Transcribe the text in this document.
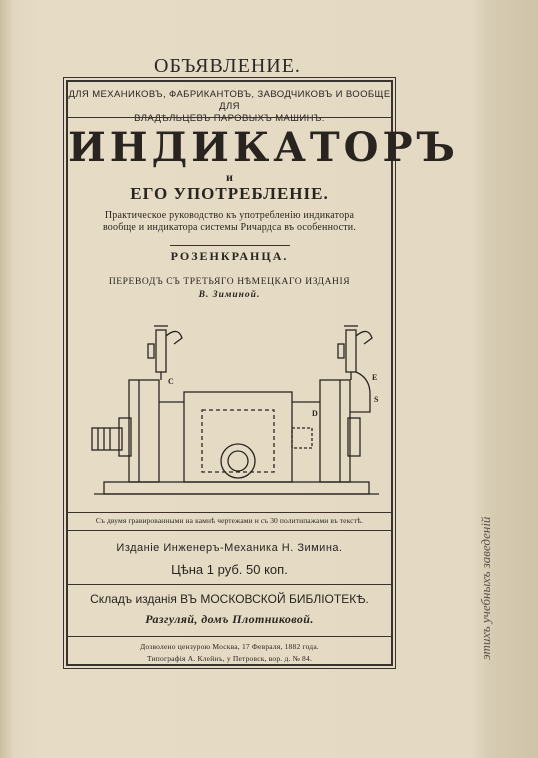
ОБЪЯВЛЕНИЕ.
ДЛЯ МЕХАНИКОВЪ, ФАБРИКАНТОВЪ, ЗАВОДЧИКОВЪ И ВООБЩЕ ДЛЯ
ВЛАДѢЛЬЦЕВЪ ПАРОВЫХЪ МАШИНЪ.
ИНДИКАТОРЪ
и
ЕГО УПОТРЕБЛЕНІЕ.
Практическое руководство къ употребленію индикатора
вообще и индикатора системы Ричардса въ особенности.
РОЗЕНКРАНЦА.
ПЕРЕВОДЪ СЪ ТРЕТЬЯГО НѢМЕЦКАГО ИЗДАНІЯ
В. Зиминой.
C	E
S
D
Съ двумя гравированными на камнѣ чертежами и съ 30 политипажами въ текстѣ.
Изданіе Инженеръ-Механика Н. Зимина.
Цѣна 1 руб. 50 коп.
Складъ изданія ВЪ МОСКОВСКОЙ БИБЛІОТЕКѢ.
Разгуляй, домъ Плотниковой.
Дозволено цензурою Москва, 17 Февраля, 1882 года.
Типографія А. Клейнъ, у Петровск, вор. д. № 84.	этихъ учебныхъ заведеній
